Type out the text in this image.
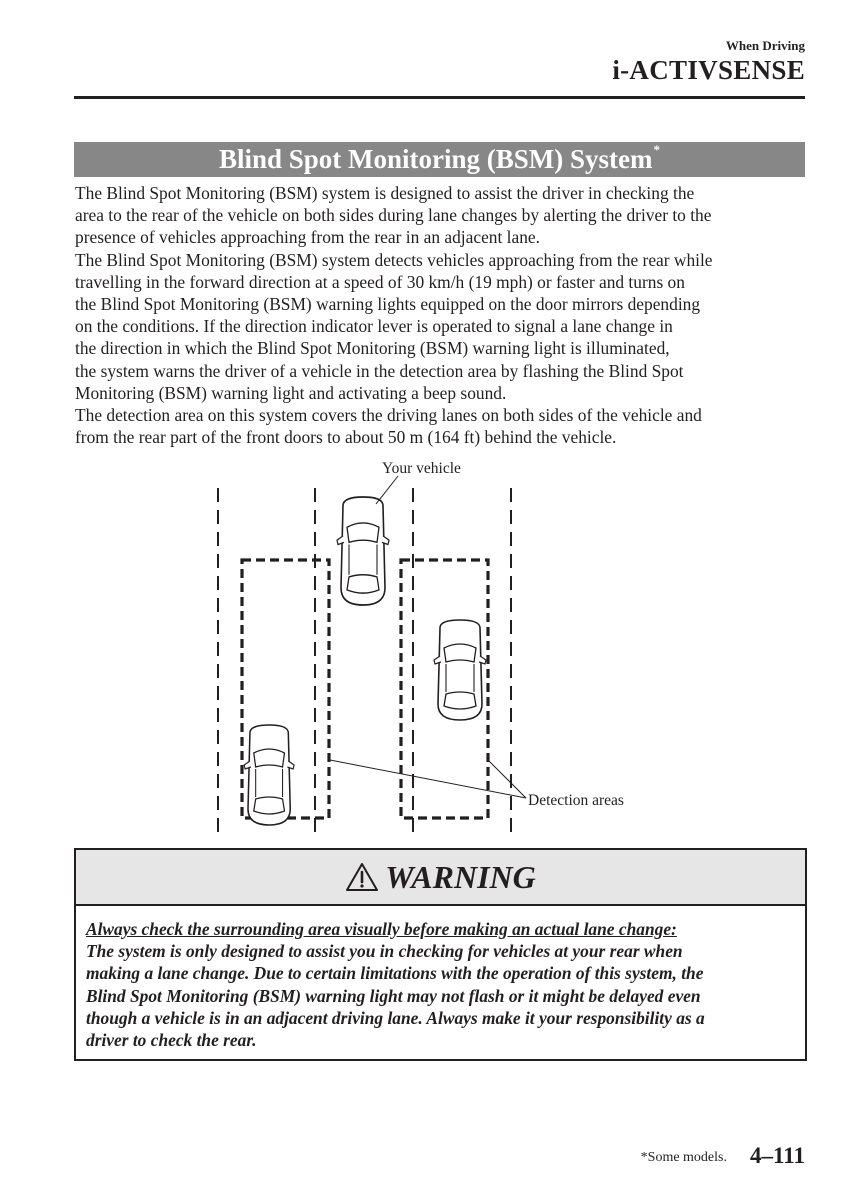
When Driving
i-ACTIVSENSE
Blind Spot Monitoring (BSM) System*
The Blind Spot Monitoring (BSM) system is designed to assist the driver in checking the
area to the rear of the vehicle on both sides during lane changes by alerting the driver to the
presence of vehicles approaching from the rear in an adjacent lane.
The Blind Spot Monitoring (BSM) system detects vehicles approaching from the rear while
travelling in the forward direction at a speed of 30 km/h (19 mph) or faster and turns on
the Blind Spot Monitoring (BSM) warning lights equipped on the door mirrors depending
on the conditions. If the direction indicator lever is operated to signal a lane change in
the direction in which the Blind Spot Monitoring (BSM) warning light is illuminated,
the system warns the driver of a vehicle in the detection area by flashing the Blind Spot
Monitoring (BSM) warning light and activating a beep sound.
The detection area on this system covers the driving lanes on both sides of the vehicle and
from the rear part of the front doors to about 50 m (164 ft) behind the vehicle.
Your vehicle
Detection areas
WARNING
Always check the surrounding area visually before making an actual lane change:
The system is only designed to assist you in checking for vehicles at your rear when
making a lane change. Due to certain limitations with the operation of this system, the
Blind Spot Monitoring (BSM) warning light may not flash or it might be delayed even
though a vehicle is in an adjacent driving lane. Always make it your responsibility as a
driver to check the rear.
*Some models. 4–111
